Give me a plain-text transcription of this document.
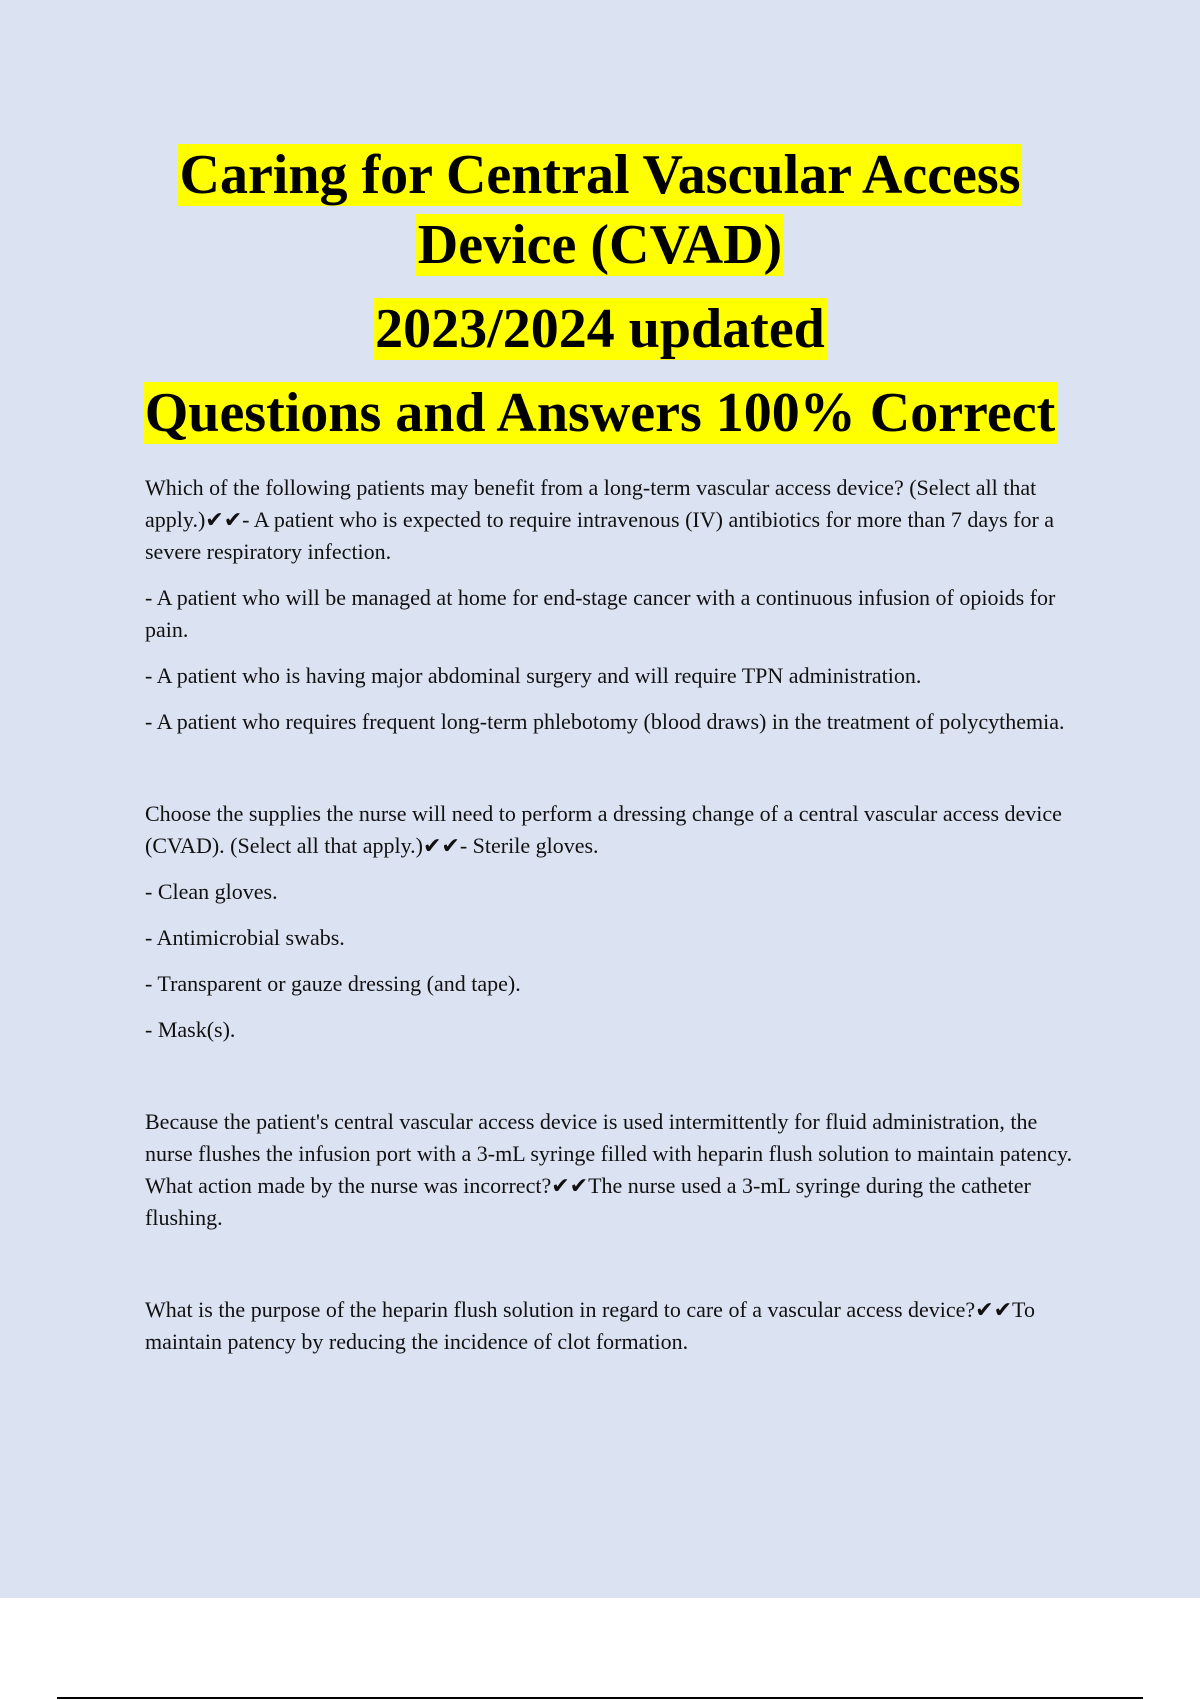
Caring for Central Vascular Access

Device (CVAD)

2023/2024 updated

Questions and Answers 100% Correct

Which of the following patients may benefit from a long-term vascular access device? (Select all that apply.)✔✔- A patient who is expected to require intravenous (IV) antibiotics for more than 7 days for a severe respiratory infection.

- A patient who will be managed at home for end-stage cancer with a continuous infusion of opioids for pain.

- A patient who is having major abdominal surgery and will require TPN administration.

- A patient who requires frequent long-term phlebotomy (blood draws) in the treatment of polycythemia.

Choose the supplies the nurse will need to perform a dressing change of a central vascular access device (CVAD). (Select all that apply.)✔✔- Sterile gloves.

- Clean gloves.

- Antimicrobial swabs.

- Transparent or gauze dressing (and tape).

- Mask(s).

Because the patient's central vascular access device is used intermittently for fluid administration, the nurse flushes the infusion port with a 3-mL syringe filled with heparin flush solution to maintain patency. What action made by the nurse was incorrect?✔✔The nurse used a 3-mL syringe during the catheter flushing.

What is the purpose of the heparin flush solution in regard to care of a vascular access device?✔✔To maintain patency by reducing the incidence of clot formation.
